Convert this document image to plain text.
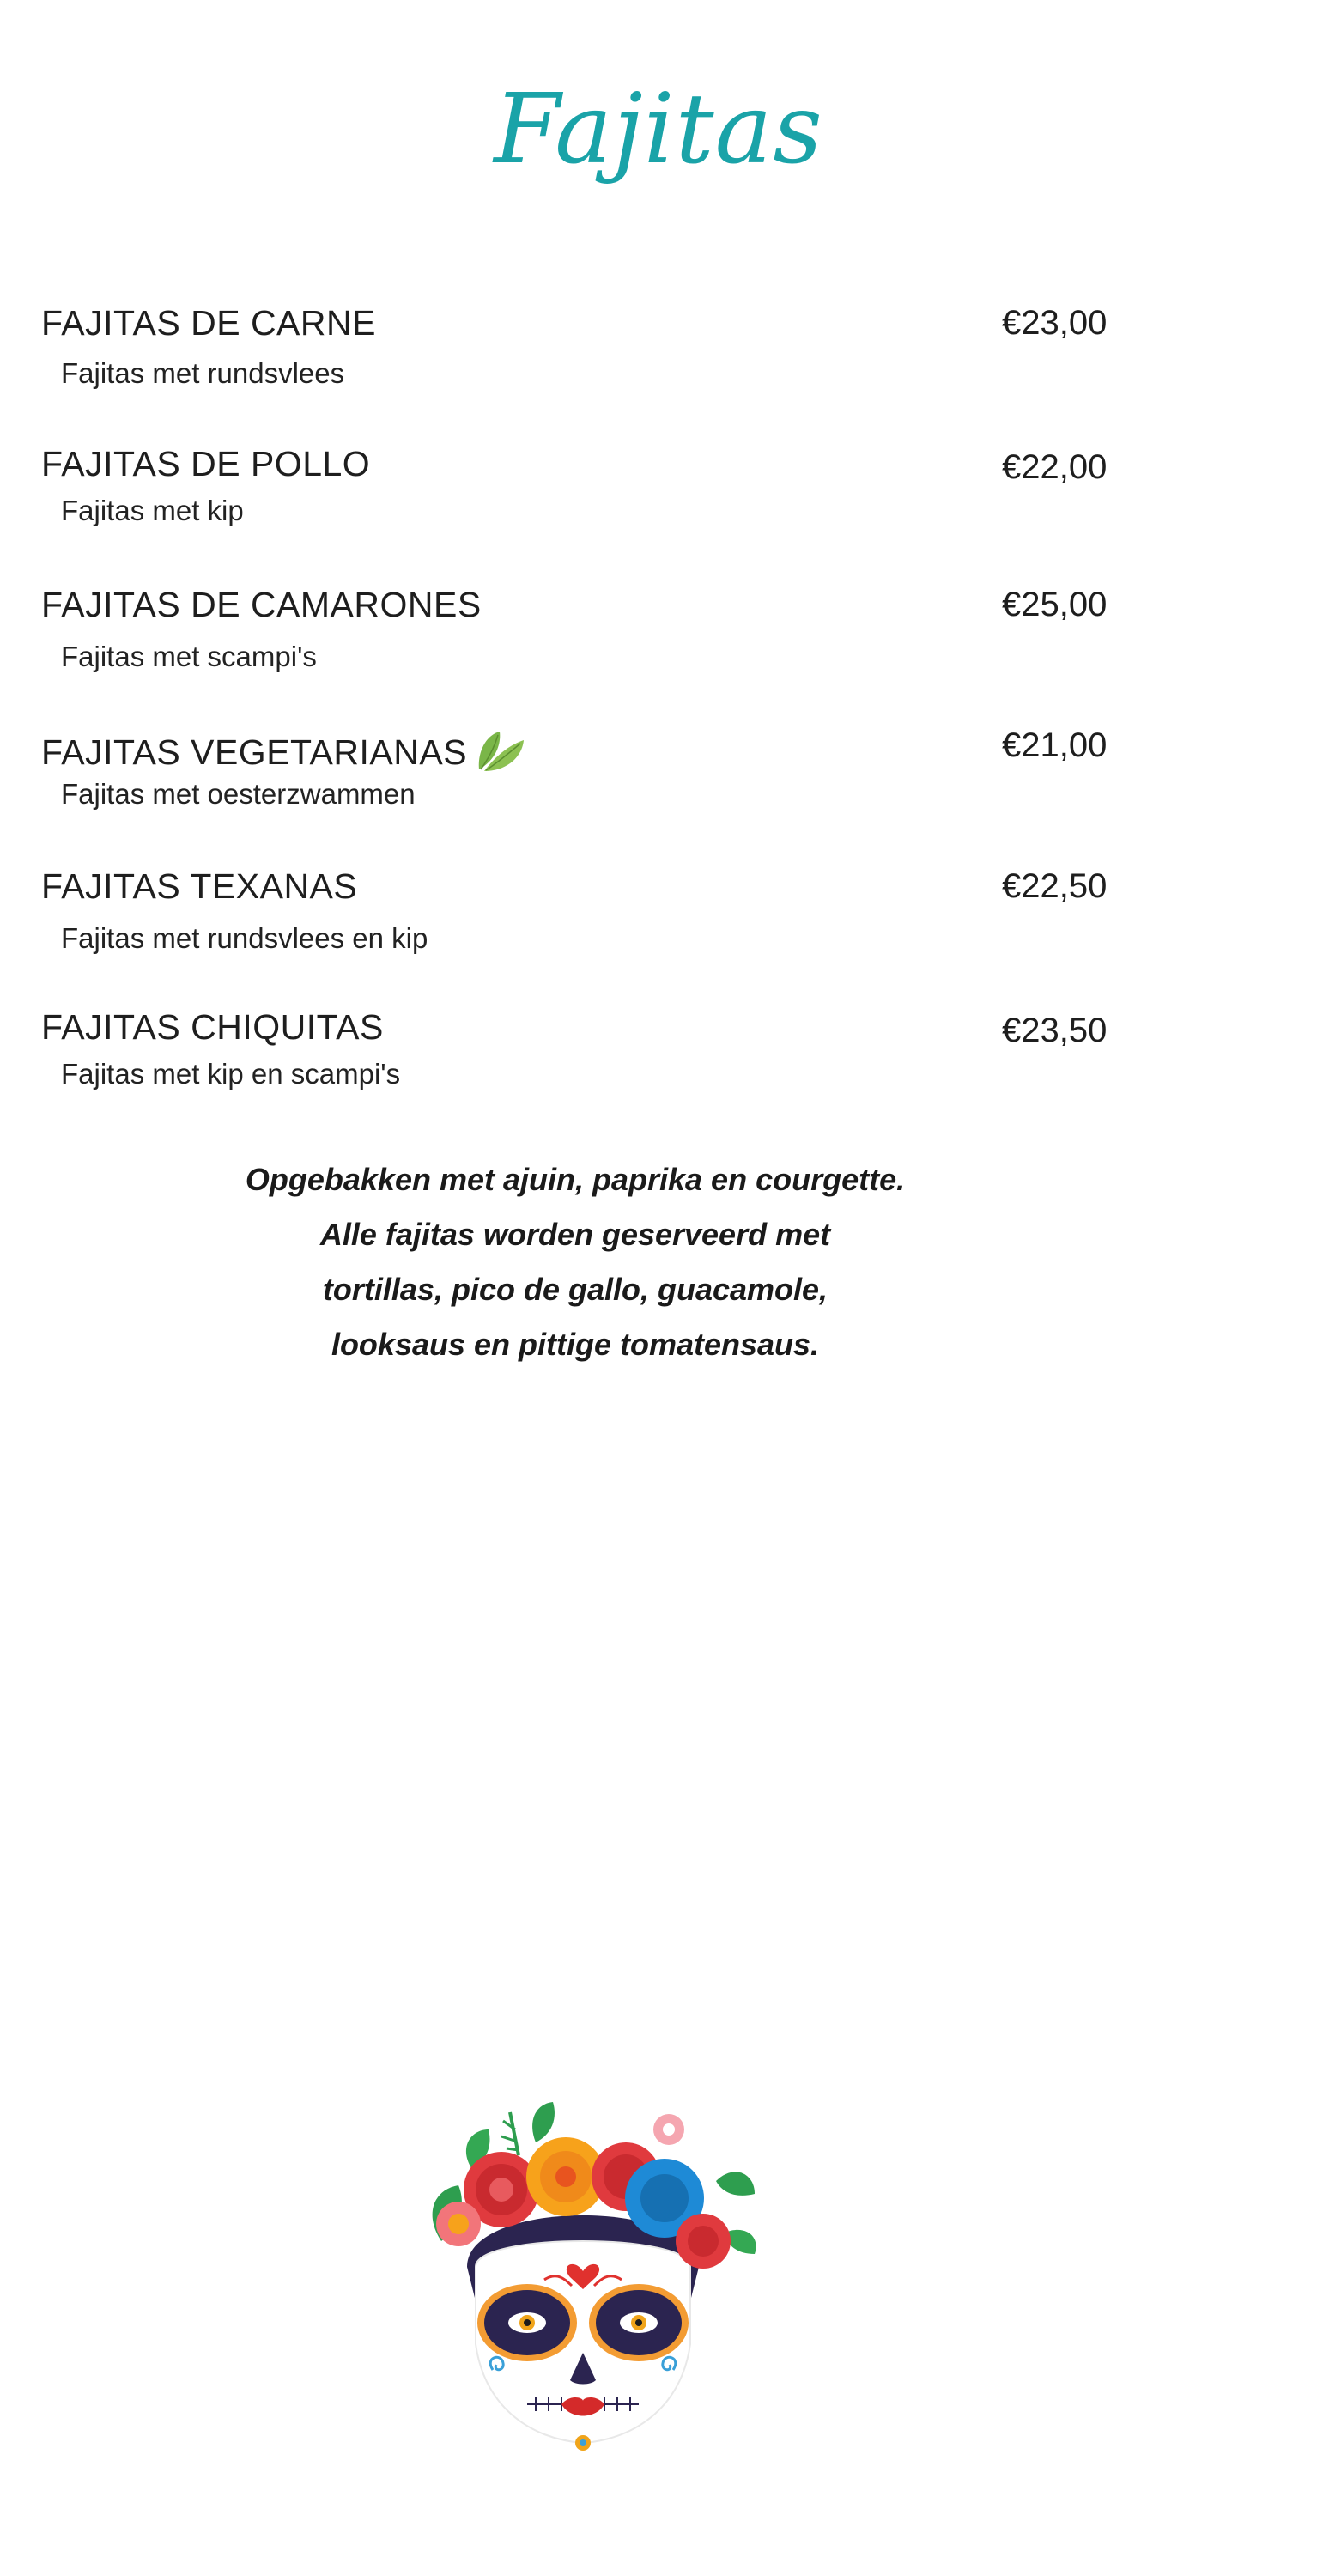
Fajitas
FAJITAS DE CARNE
Fajitas met rundsvlees
€23,00
FAJITAS DE POLLO
Fajitas met kip
€22,00
FAJITAS DE CAMARONES
Fajitas met scampi's
€25,00
FAJITAS VEGETARIANAS
Fajitas met oesterzwammen
€21,00
FAJITAS TEXANAS
Fajitas met rundsvlees en kip
€22,50
FAJITAS CHIQUITAS
Fajitas met kip en scampi's
€23,50
Opgebakken met ajuin, paprika en courgette.
Alle fajitas worden geserveerd met
tortillas, pico de gallo, guacamole,
looksaus en pittige tomatensaus.
